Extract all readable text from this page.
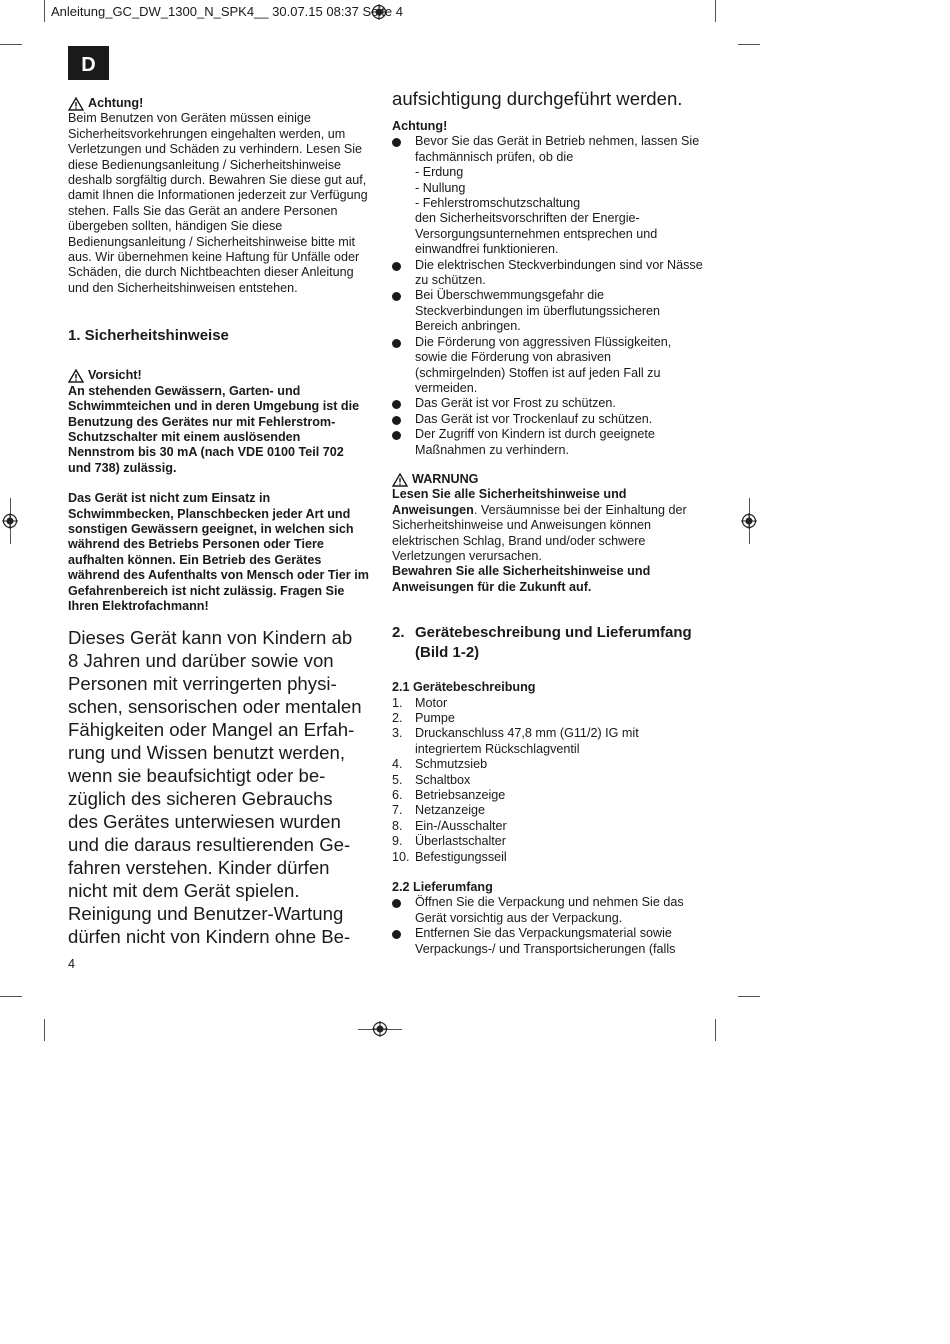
Anleitung_GC_DW_1300_N_SPK4__ 30.07.15 08:37 Seite 4
D
Achtung!

Beim Benutzen von Geräten müssen einige Sicherheitsvorkehrungen eingehalten werden, um Verletzungen und Schäden zu verhindern. Lesen Sie diese Bedienungsanleitung / Sicherheitshinweise deshalb sorgfältig durch. Bewahren Sie diese gut auf, damit Ihnen die Informationen jederzeit zur Verfügung stehen. Falls Sie das Gerät an andere Personen übergeben sollten, händigen Sie diese Bedienungsanleitung / Sicherheitshinweise bitte mit aus. Wir übernehmen keine Haftung für Unfälle oder Schäden, die durch Nichtbeachten dieser Anleitung und den Sicherheitshinweisen entstehen.

1. Sicherheitshinweise
Vorsicht!

An stehenden Gewässern, Garten- und Schwimmteichen und in deren Umgebung ist die Benutzung des Gerätes nur mit Fehlerstrom-Schutzschalter mit einem auslösenden Nennstrom bis 30 mA (nach VDE 0100 Teil 702 und 738) zulässig.

Das Gerät ist nicht zum Einsatz in Schwimmbecken, Planschbecken jeder Art und sonstigen Gewässern geeignet, in welchen sich während des Betriebs Personen oder Tiere aufhalten können. Ein Betrieb des Gerätes während des Aufenthalts von Mensch oder Tier im Gefahrenbereich ist nicht zulässig. Fragen Sie Ihren Elektrofachmann!

Dieses Gerät kann von Kindern ab
8 Jahren und darüber sowie von
Personen mit verringerten physi-
schen, sensorischen oder mentalen
Fähigkeiten oder Mangel an Erfah-
rung und Wissen benutzt werden,
wenn sie beaufsichtigt oder be-
züglich des sicheren Gebrauchs
des Gerätes unterwiesen wurden
und die daraus resultierenden Ge-
fahren verstehen. Kinder dürfen
nicht mit dem Gerät spielen.
Reinigung und Benutzer-Wartung
dürfen nicht von Kindern ohne Be-
4
aufsichtigung durchgeführt werden.
Achtung!
Bevor Sie das Gerät in Betrieb nehmen, lassen Sie fachmännisch prüfen, ob die
- Erdung
- Nullung
- Fehlerstromschutzschaltung
den Sicherheitsvorschriften der Energie-Versorgungsunternehmen entsprechen und einwandfrei funktionieren.
Die elektrischen Steckverbindungen sind vor Nässe zu schützen.
Bei Überschwemmungsgefahr die Steckverbindungen im überflutungssicheren Bereich anbringen.
Die Förderung von aggressiven Flüssigkeiten, sowie die Förderung von abrasiven (schmirgelnden) Stoffen ist auf jeden Fall zu vermeiden.
Das Gerät ist vor Frost zu schützen.
Das Gerät ist vor Trockenlauf zu schützen.
Der Zugriff von Kindern ist durch geeignete Maßnahmen zu verhindern.
WARNUNG

Lesen Sie alle Sicherheitshinweise und Anweisungen. Versäumnisse bei der Einhaltung der Sicherheitshinweise und Anweisungen können elektrischen Schlag, Brand und/oder schwere Verletzungen verursachen.

Bewahren Sie alle Sicherheitshinweise und Anweisungen für die Zukunft auf.

2. Gerätebeschreibung und Lieferumfang (Bild 1-2)
2.1 Gerätebeschreibung
1. Motor
2. Pumpe
3. Druckanschluss 47,8 mm (G11/2) IG mit integriertem Rückschlagventil
4. Schmutzsieb
5. Schaltbox
6. Betriebsanzeige
7. Netzanzeige
8. Ein-/Ausschalter
9. Überlastschalter
10. Befestigungsseil
2.2 Lieferumfang
Öffnen Sie die Verpackung und nehmen Sie das Gerät vorsichtig aus der Verpackung.
Entfernen Sie das Verpackungsmaterial sowie Verpackungs-/ und Transportsicherungen (falls
